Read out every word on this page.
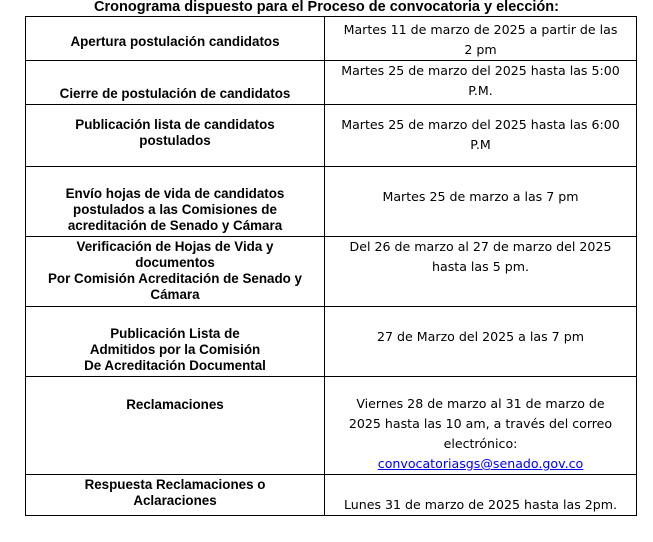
Cronograma dispuesto para el Proceso de convocatoria y elección:
Apertura postulación candidatos	Martes 11 de marzo de 2025 a partir de las
2 pm

Cierre de postulación de candidatos	Martes 25 de marzo del 2025 hasta las 5:00
P.M.

Publicación lista de candidatos
postulados	Martes 25 de marzo del 2025 hasta las 6:00
P.M

Envío hojas de vida de candidatos
postulados a las Comisiones de
acreditación de Senado y Cámara	Martes 25 de marzo a las 7 pm

Verificación de Hojas de Vida y
documentos
Por Comisión Acreditación de Senado y
Cámara	Del 26 de marzo al 27 de marzo del 2025
hasta las 5 pm.

Publicación Lista de
Admitidos por la Comisión
De Acreditación Documental	27 de Marzo del 2025 a las 7 pm

Reclamaciones	Viernes 28 de marzo al 31 de marzo de
2025 hasta las 10 am, a través del correo
electrónico:
convocatoriasgs@senado.gov.co

Respuesta Reclamaciones o
Aclaraciones	Lunes 31 de marzo de 2025 hasta las 2pm.
